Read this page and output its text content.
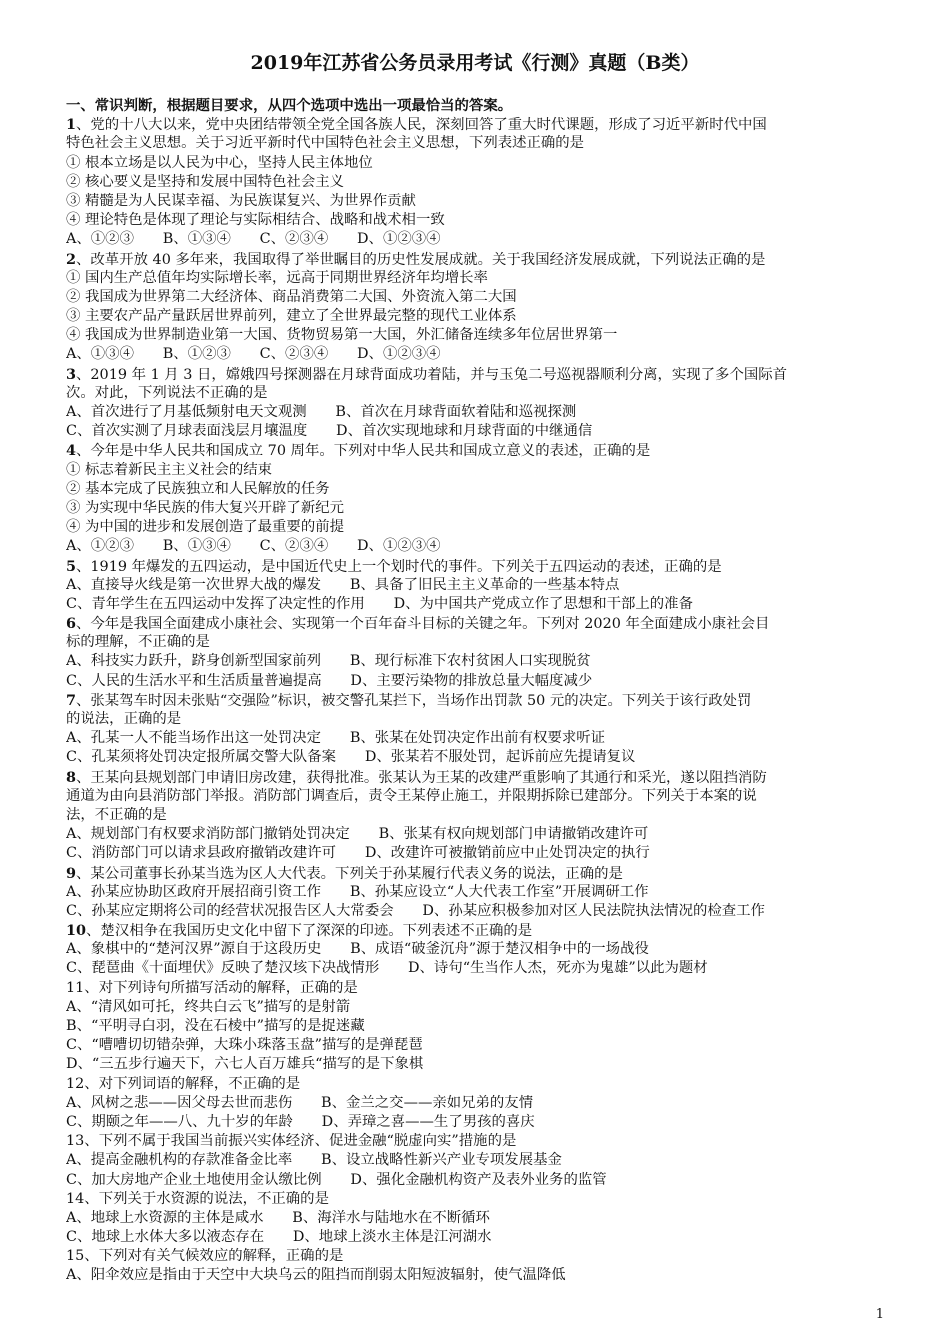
2019年江苏省公务员录用考试《行测》真题（B类）
一、常识判断，根据题目要求，从四个选项中选出一项最恰当的答案。
1、党的十八大以来，党中央团结带领全党全国各族人民，深刻回答了重大时代课题，形成了习近平新时代中国
特色社会主义思想。关于习近平新时代中国特色社会主义思想，下列表述正确的是
① 根本立场是以人民为中心，坚持人民主体地位
② 核心要义是坚持和发展中国特色社会主义
③ 精髓是为人民谋幸福、为民族谋复兴、为世界作贡献
④ 理论特色是体现了理论与实际相结合、战略和战术相一致
A、①②③　　B、①③④　　C、②③④　　D、①②③④
2、改革开放 40 多年来，我国取得了举世瞩目的历史性发展成就。关于我国经济发展成就，下列说法正确的是
① 国内生产总值年均实际增长率，远高于同期世界经济年均增长率
② 我国成为世界第二大经济体、商品消费第二大国、外资流入第二大国
③ 主要农产品产量跃居世界前列，建立了全世界最完整的现代工业体系
④ 我国成为世界制造业第一大国、货物贸易第一大国，外汇储备连续多年位居世界第一
A、①③④　　B、①②③　　C、②③④　　D、①②③④
3、2019 年 1 月 3 日，嫦娥四号探测器在月球背面成功着陆，并与玉兔二号巡视器顺利分离，实现了多个国际首
次。对此，下列说法不正确的是
A、首次进行了月基低频射电天文观测　　B、首次在月球背面软着陆和巡视探测
C、首次实测了月球表面浅层月壤温度　　D、首次实现地球和月球背面的中继通信
4、今年是中华人民共和国成立 70 周年。下列对中华人民共和国成立意义的表述，正确的是
① 标志着新民主主义社会的结束
② 基本完成了民族独立和人民解放的任务
③ 为实现中华民族的伟大复兴开辟了新纪元
④ 为中国的进步和发展创造了最重要的前提
A、①②③　　B、①③④　　C、②③④　　D、①②③④
5、1919 年爆发的五四运动，是中国近代史上一个划时代的事件。下列关于五四运动的表述，正确的是
A、直接导火线是第一次世界大战的爆发　　B、具备了旧民主主义革命的一些基本特点
C、青年学生在五四运动中发挥了决定性的作用　　D、为中国共产党成立作了思想和干部上的准备
6、今年是我国全面建成小康社会、实现第一个百年奋斗目标的关键之年。下列对 2020 年全面建成小康社会目
标的理解，不正确的是
A、科技实力跃升，跻身创新型国家前列　　B、现行标准下农村贫困人口实现脱贫
C、人民的生活水平和生活质量普遍提高　　D、主要污染物的排放总量大幅度减少
7、张某驾车时因未张贴“交强险”标识，被交警孔某拦下，当场作出罚款 50 元的决定。下列关于该行政处罚
的说法，正确的是
A、孔某一人不能当场作出这一处罚决定　　B、张某在处罚决定作出前有权要求听证
C、孔某须将处罚决定报所属交警大队备案　　D、张某若不服处罚，起诉前应先提请复议
8、王某向县规划部门申请旧房改建，获得批准。张某认为王某的改建严重影响了其通行和采光，遂以阻挡消防
通道为由向县消防部门举报。消防部门调查后，责令王某停止施工，并限期拆除已建部分。下列关于本案的说
法，不正确的是
A、规划部门有权要求消防部门撤销处罚决定　　B、张某有权向规划部门申请撤销改建许可
C、消防部门可以请求县政府撤销改建许可　　D、改建许可被撤销前应中止处罚决定的执行
9、某公司董事长孙某当选为区人大代表。下列关于孙某履行代表义务的说法，正确的是
A、孙某应协助区政府开展招商引资工作　　B、孙某应设立“人大代表工作室”开展调研工作
C、孙某应定期将公司的经营状况报告区人大常委会　　D、孙某应积极参加对区人民法院执法情况的检查工作
10、楚汉相争在我国历史文化中留下了深深的印迹。下列表述不正确的是
A、象棋中的“楚河汉界”源自于这段历史　　B、成语“破釜沉舟”源于楚汉相争中的一场战役
C、琵琶曲《十面埋伏》反映了楚汉垓下决战情形　　D、诗句“生当作人杰，死亦为鬼雄”以此为题材
11、对下列诗句所描写活动的解释，正确的是
A、“清风如可托，终共白云飞”描写的是射箭
B、“平明寻白羽，没在石棱中”描写的是捉迷藏
C、“嘈嘈切切错杂弹，大珠小珠落玉盘”描写的是弹琵琶
D、“三五步行遍天下，六七人百万雄兵“描写的是下象棋
12、对下列词语的解释，不正确的是
A、风树之悲——因父母去世而悲伤　　B、金兰之交——亲如兄弟的友情
C、期颐之年——八、九十岁的年龄　　D、弄璋之喜——生了男孩的喜庆
13、下列不属于我国当前振兴实体经济、促进金融“脱虚向实”措施的是
A、提高金融机构的存款准备金比率　　B、设立战略性新兴产业专项发展基金
C、加大房地产企业土地使用金认缴比例　　D、强化金融机构资产及表外业务的监管
14、下列关于水资源的说法，不正确的是
A、地球上水资源的主体是咸水　　B、海洋水与陆地水在不断循环
C、地球上水体大多以液态存在　　D、地球上淡水主体是江河湖水
15、下列对有关气候效应的解释，正确的是
A、阳伞效应是指由于天空中大块乌云的阻挡而削弱太阳短波辐射，使气温降低
1
